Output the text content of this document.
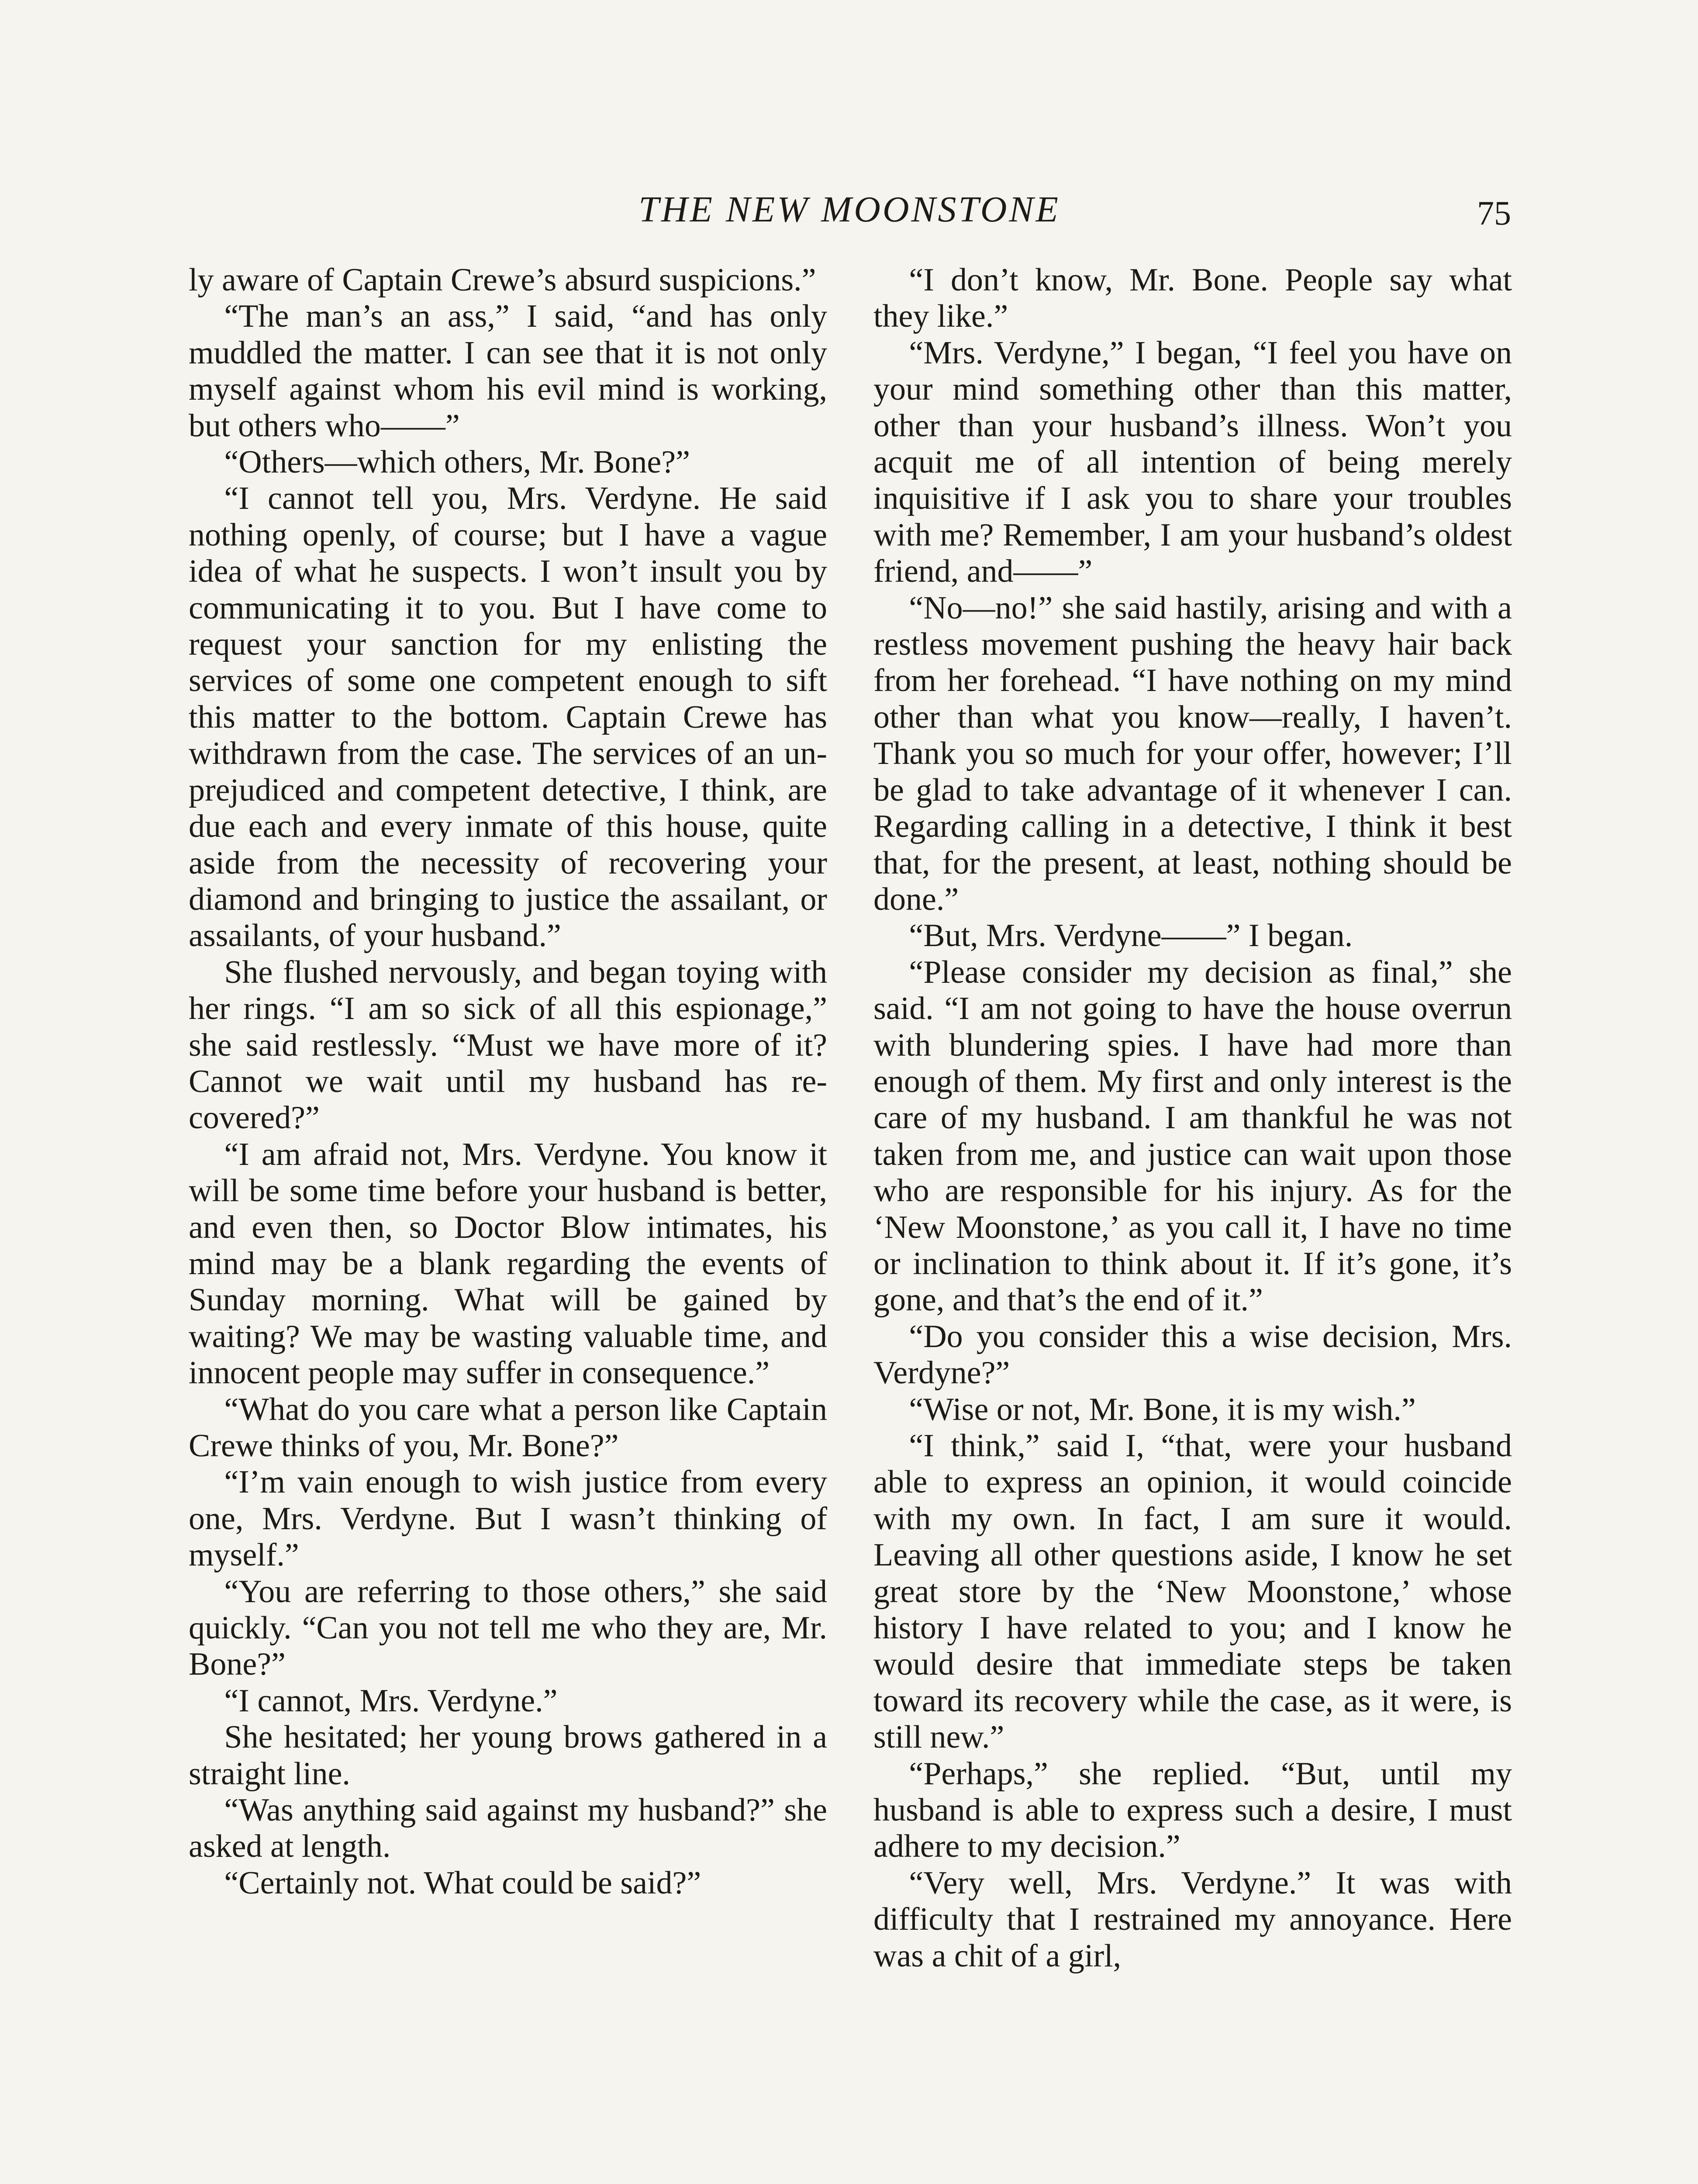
THE NEW MOONSTONE	75

ly aware of Captain Crewe’s absurd suspicions.”

“The man’s an ass,” I said, “and has only muddled the matter. I can see that it is not only myself against whom his evil mind is working, but others who——”

“Others—which others, Mr. Bone?”

“I cannot tell you, Mrs. Verdyne. He said nothing openly, of course; but I have a vague idea of what he suspects. I won’t insult you by communicating it to you. But I have come to request your sanction for my enlisting the services of some one competent enough to sift this matter to the bottom. Captain Crewe has withdrawn from the case. The services of an unprejudiced and competent detective, I think, are due each and every inmate of this house, quite aside from the necessity of recovering your diamond and bringing to justice the assailant, or assailants, of your husband.”

She flushed nervously, and began toying with her rings. “I am so sick of all this espionage,” she said restlessly. “Must we have more of it? Cannot we wait until my husband has recovered?”

“I am afraid not, Mrs. Verdyne. You know it will be some time before your husband is better, and even then, so Doctor Blow intimates, his mind may be a blank regarding the events of Sunday morning. What will be gained by waiting? We may be wasting valuable time, and innocent people may suffer in consequence.”

“What do you care what a person like Captain Crewe thinks of you, Mr. Bone?”

“I’m vain enough to wish justice from every one, Mrs. Verdyne. But I wasn’t thinking of myself.”

“You are referring to those others,” she said quickly. “Can you not tell me who they are, Mr. Bone?”

“I cannot, Mrs. Verdyne.”

She hesitated; her young brows gathered in a straight line.

“Was anything said against my husband?” she asked at length.

“Certainly not. What could be said?”

“I don’t know, Mr. Bone. People say what they like.”

“Mrs. Verdyne,” I began, “I feel you have on your mind something other than this matter, other than your husband’s illness. Won’t you acquit me of all intention of being merely inquisitive if I ask you to share your troubles with me? Remember, I am your husband’s oldest friend, and——”

“No—no!” she said hastily, arising and with a restless movement pushing the heavy hair back from her forehead. “I have nothing on my mind other than what you know—really, I haven’t. Thank you so much for your offer, however; I’ll be glad to take advantage of it whenever I can. Regarding calling in a detective, I think it best that, for the present, at least, nothing should be done.”

“But, Mrs. Verdyne——” I began.

“Please consider my decision as final,” she said. “I am not going to have the house overrun with blundering spies. I have had more than enough of them. My first and only interest is the care of my husband. I am thankful he was not taken from me, and justice can wait upon those who are responsible for his injury. As for the ‘New Moonstone,’ as you call it, I have no time or inclination to think about it. If it’s gone, it’s gone, and that’s the end of it.”

“Do you consider this a wise decision, Mrs. Verdyne?”

“Wise or not, Mr. Bone, it is my wish.”

“I think,” said I, “that, were your husband able to express an opinion, it would coincide with my own. In fact, I am sure it would. Leaving all other questions aside, I know he set great store by the ‘New Moonstone,’ whose history I have related to you; and I know he would desire that immediate steps be taken toward its recovery while the case, as it were, is still new.”

“Perhaps,” she replied. “But, until my husband is able to express such a desire, I must adhere to my decision.”

“Very well, Mrs. Verdyne.” It was with difficulty that I restrained my annoyance. Here was a chit of a girl,
